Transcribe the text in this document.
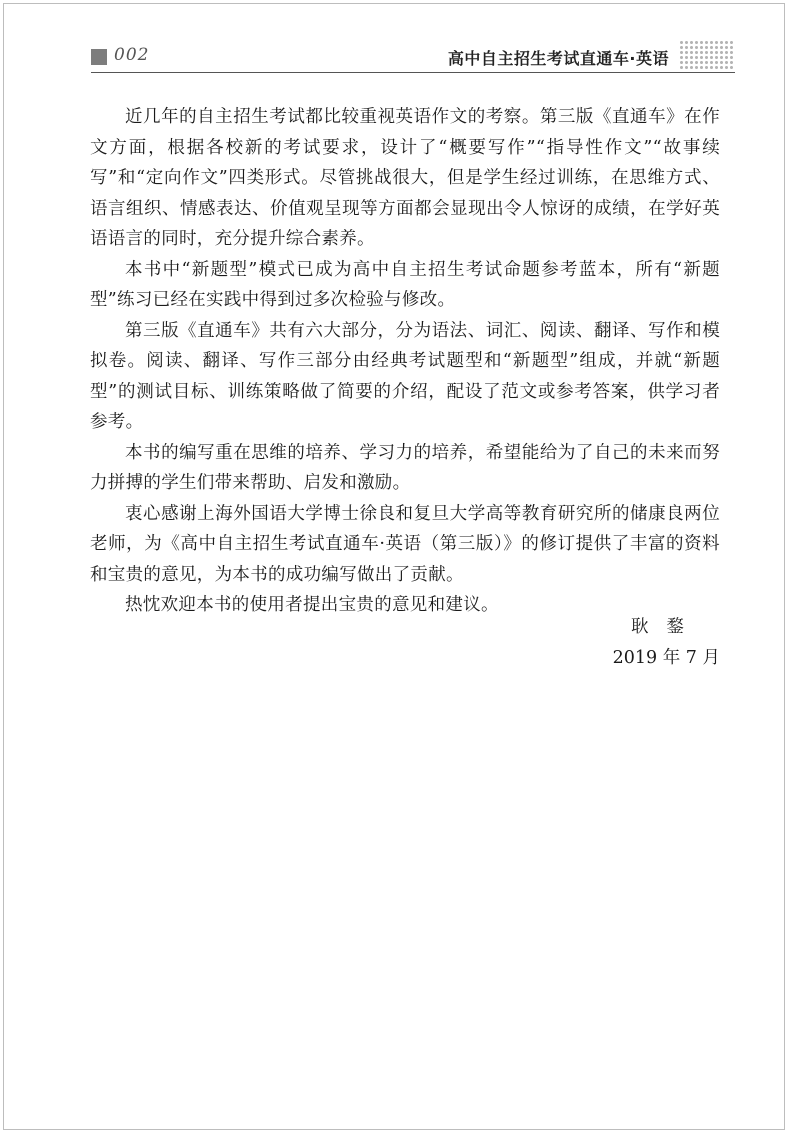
002	高中自主招生考试直通车·英语

近几年的自主招生考试都比较重视英语作文的考察。第三版《直通车》在作文方面，根据各校新的考试要求，设计了“概要写作”“指导性作文”“故事续写”和“定向作文”四类形式。尽管挑战很大，但是学生经过训练，在思维方式、语言组织、情感表达、价值观呈现等方面都会显现出令人惊讶的成绩，在学好英语语言的同时，充分提升综合素养。

本书中“新题型”模式已成为高中自主招生考试命题参考蓝本，所有“新题型”练习已经在实践中得到过多次检验与修改。

第三版《直通车》共有六大部分，分为语法、词汇、阅读、翻译、写作和模拟卷。阅读、翻译、写作三部分由经典考试题型和“新题型”组成，并就“新题型”的测试目标、训练策略做了简要的介绍，配设了范文或参考答案，供学习者参考。

本书的编写重在思维的培养、学习力的培养，希望能给为了自己的未来而努力拼搏的学生们带来帮助、启发和激励。

衷心感谢上海外国语大学博士徐良和复旦大学高等教育研究所的储康良两位老师，为《高中自主招生考试直通车·英语（第三版）》的修订提供了丰富的资料和宝贵的意见，为本书的成功编写做出了贡献。

热忱欢迎本书的使用者提出宝贵的意见和建议。

耿鍪
2019 年 7 月
